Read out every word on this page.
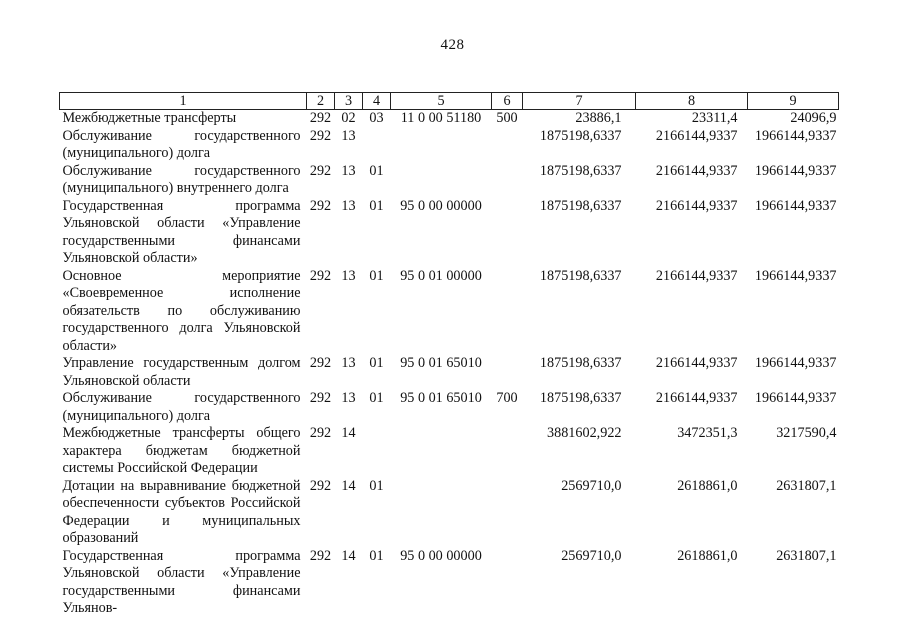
428
1	2	3	4	5	6	7	8	9
Межбюджетные трансферты	292	02	03	11 0 00 51180	500	23886,1	23311,4	24096,9
Обслуживание государственного (муниципального) долга	292	13				1875198,6337	2166144,9337	1966144,9337
Обслуживание государственного (муниципального) внутреннего долга	292	13	01			1875198,6337	2166144,9337	1966144,9337
Государственная программа Ульяновской области «Управление государственными финансами Ульяновской области»	292	13	01	95 0 00 00000		1875198,6337	2166144,9337	1966144,9337
Основное мероприятие «Своевременное исполнение обязательств по обслуживанию государственного долга Ульяновской области»	292	13	01	95 0 01 00000		1875198,6337	2166144,9337	1966144,9337
Управление государственным долгом Ульяновской области	292	13	01	95 0 01 65010		1875198,6337	2166144,9337	1966144,9337
Обслуживание государственного (муниципального) долга	292	13	01	95 0 01 65010	700	1875198,6337	2166144,9337	1966144,9337
Межбюджетные трансферты общего характера бюджетам бюджетной системы Российской Федерации	292	14				3881602,922	3472351,3	3217590,4
Дотации на выравнивание бюджетной обеспеченности субъектов Российской Федерации и муниципальных образований	292	14	01			2569710,0	2618861,0	2631807,1
Государственная программа Ульяновской области «Управление государственными финансами Ульянов-	292	14	01	95 0 00 00000		2569710,0	2618861,0	2631807,1
